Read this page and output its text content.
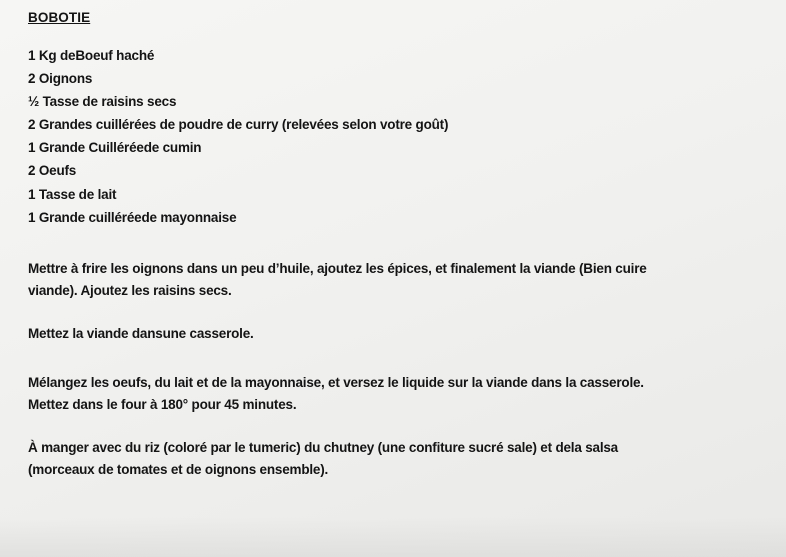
BOBOTIE
1 Kg deBoeuf haché
2 Oignons
½ Tasse de raisins secs
2 Grandes cuillérées de poudre de curry (relevées selon votre goût)
1 Grande Cuilléréede cumin
2 Oeufs
1 Tasse de lait
1 Grande cuilléréede mayonnaise

Mettre à frire les oignons dans un peu d’huile, ajoutez les épices, et finalement la viande (Bien cuire
viande). Ajoutez les raisins secs.

Mettez la viande dansune casserole.

Mélangez les oeufs, du lait et de la mayonnaise, et versez le liquide sur la viande dans la casserole.
Mettez dans le four à 180° pour 45 minutes.

À manger avec du riz (coloré par le tumeric) du chutney (une confiture sucré sale) et dela salsa
(morceaux de tomates et de oignons ensemble).
